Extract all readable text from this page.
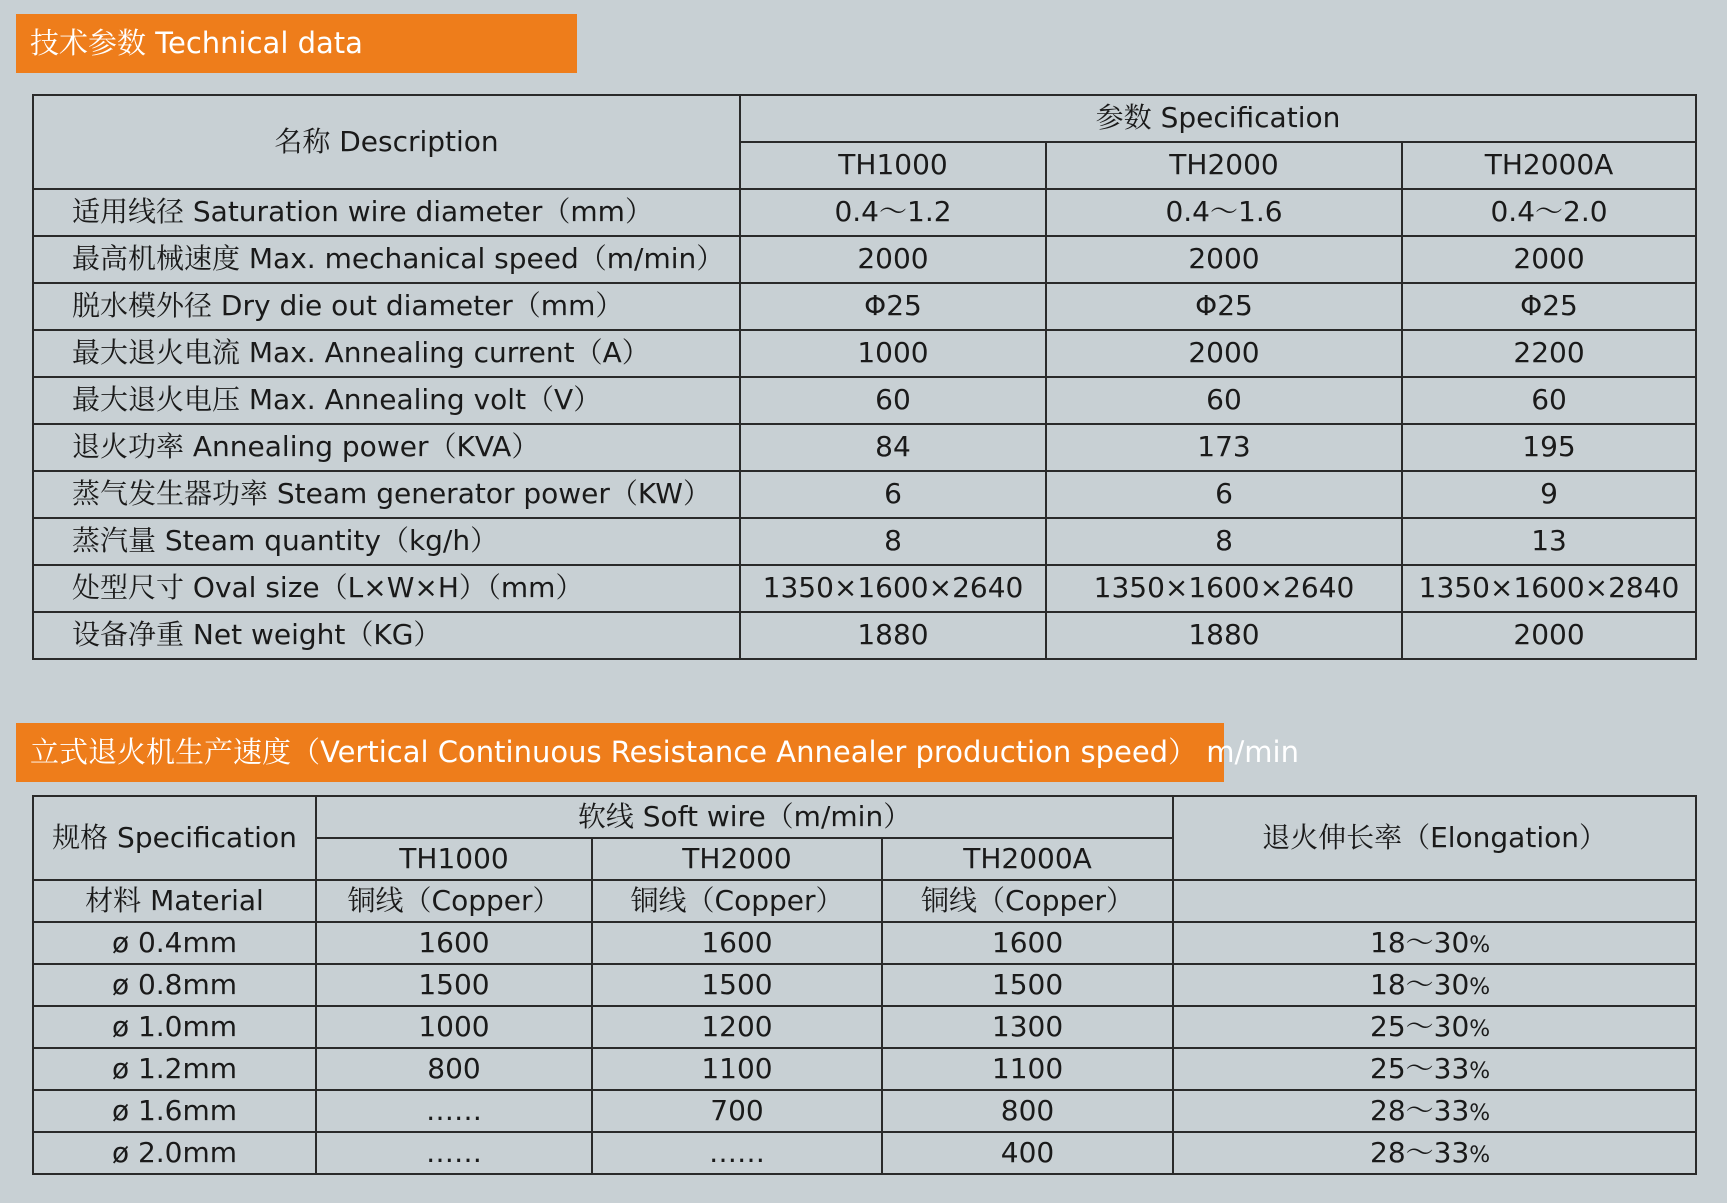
技术参数 Technical data
名称 Description	参数 Specification		
	TH1000	TH2000	TH2000A
适用线径 Saturation wire diameter（mm）	0.4～1.2	0.4～1.6	0.4～2.0
最高机械速度 Max. mechanical speed（m/min）	2000	2000	2000
脱水模外径 Dry die out diameter（mm）	Φ25	Φ25	Φ25
最大退火电流 Max. Annealing current（A）	1000	2000	2200
最大退火电压 Max. Annealing volt（V）	60	60	60
退火功率 Annealing power（KVA）	84	173	195
蒸气发生器功率 Steam generator power（KW）	6	6	9
蒸汽量 Steam quantity（kg/h）	8	8	13
处型尺寸 Oval size（L×W×H）（mm）	1350×1600×2640	1350×1600×2640	1350×1600×2840
设备净重 Net weight（KG）	1880	1880	2000
立式退火机生产速度（Vertical Continuous Resistance Annealer production speed） m/min
规格 Specification	软线 Soft wire（m/min）			退火伸长率（Elongation）
	TH1000	TH2000	TH2000A	
材料 Material	铜线（Copper）	铜线（Copper）	铜线（Copper）	
ø 0.4mm	1600	1600	1600	18～30%
ø 0.8mm	1500	1500	1500	18～30%
ø 1.0mm	1000	1200	1300	25～30%
ø 1.2mm	800	1100	1100	25～33%
ø 1.6mm	……	700	800	28～33%
ø 2.0mm	……	……	400	28～33%
